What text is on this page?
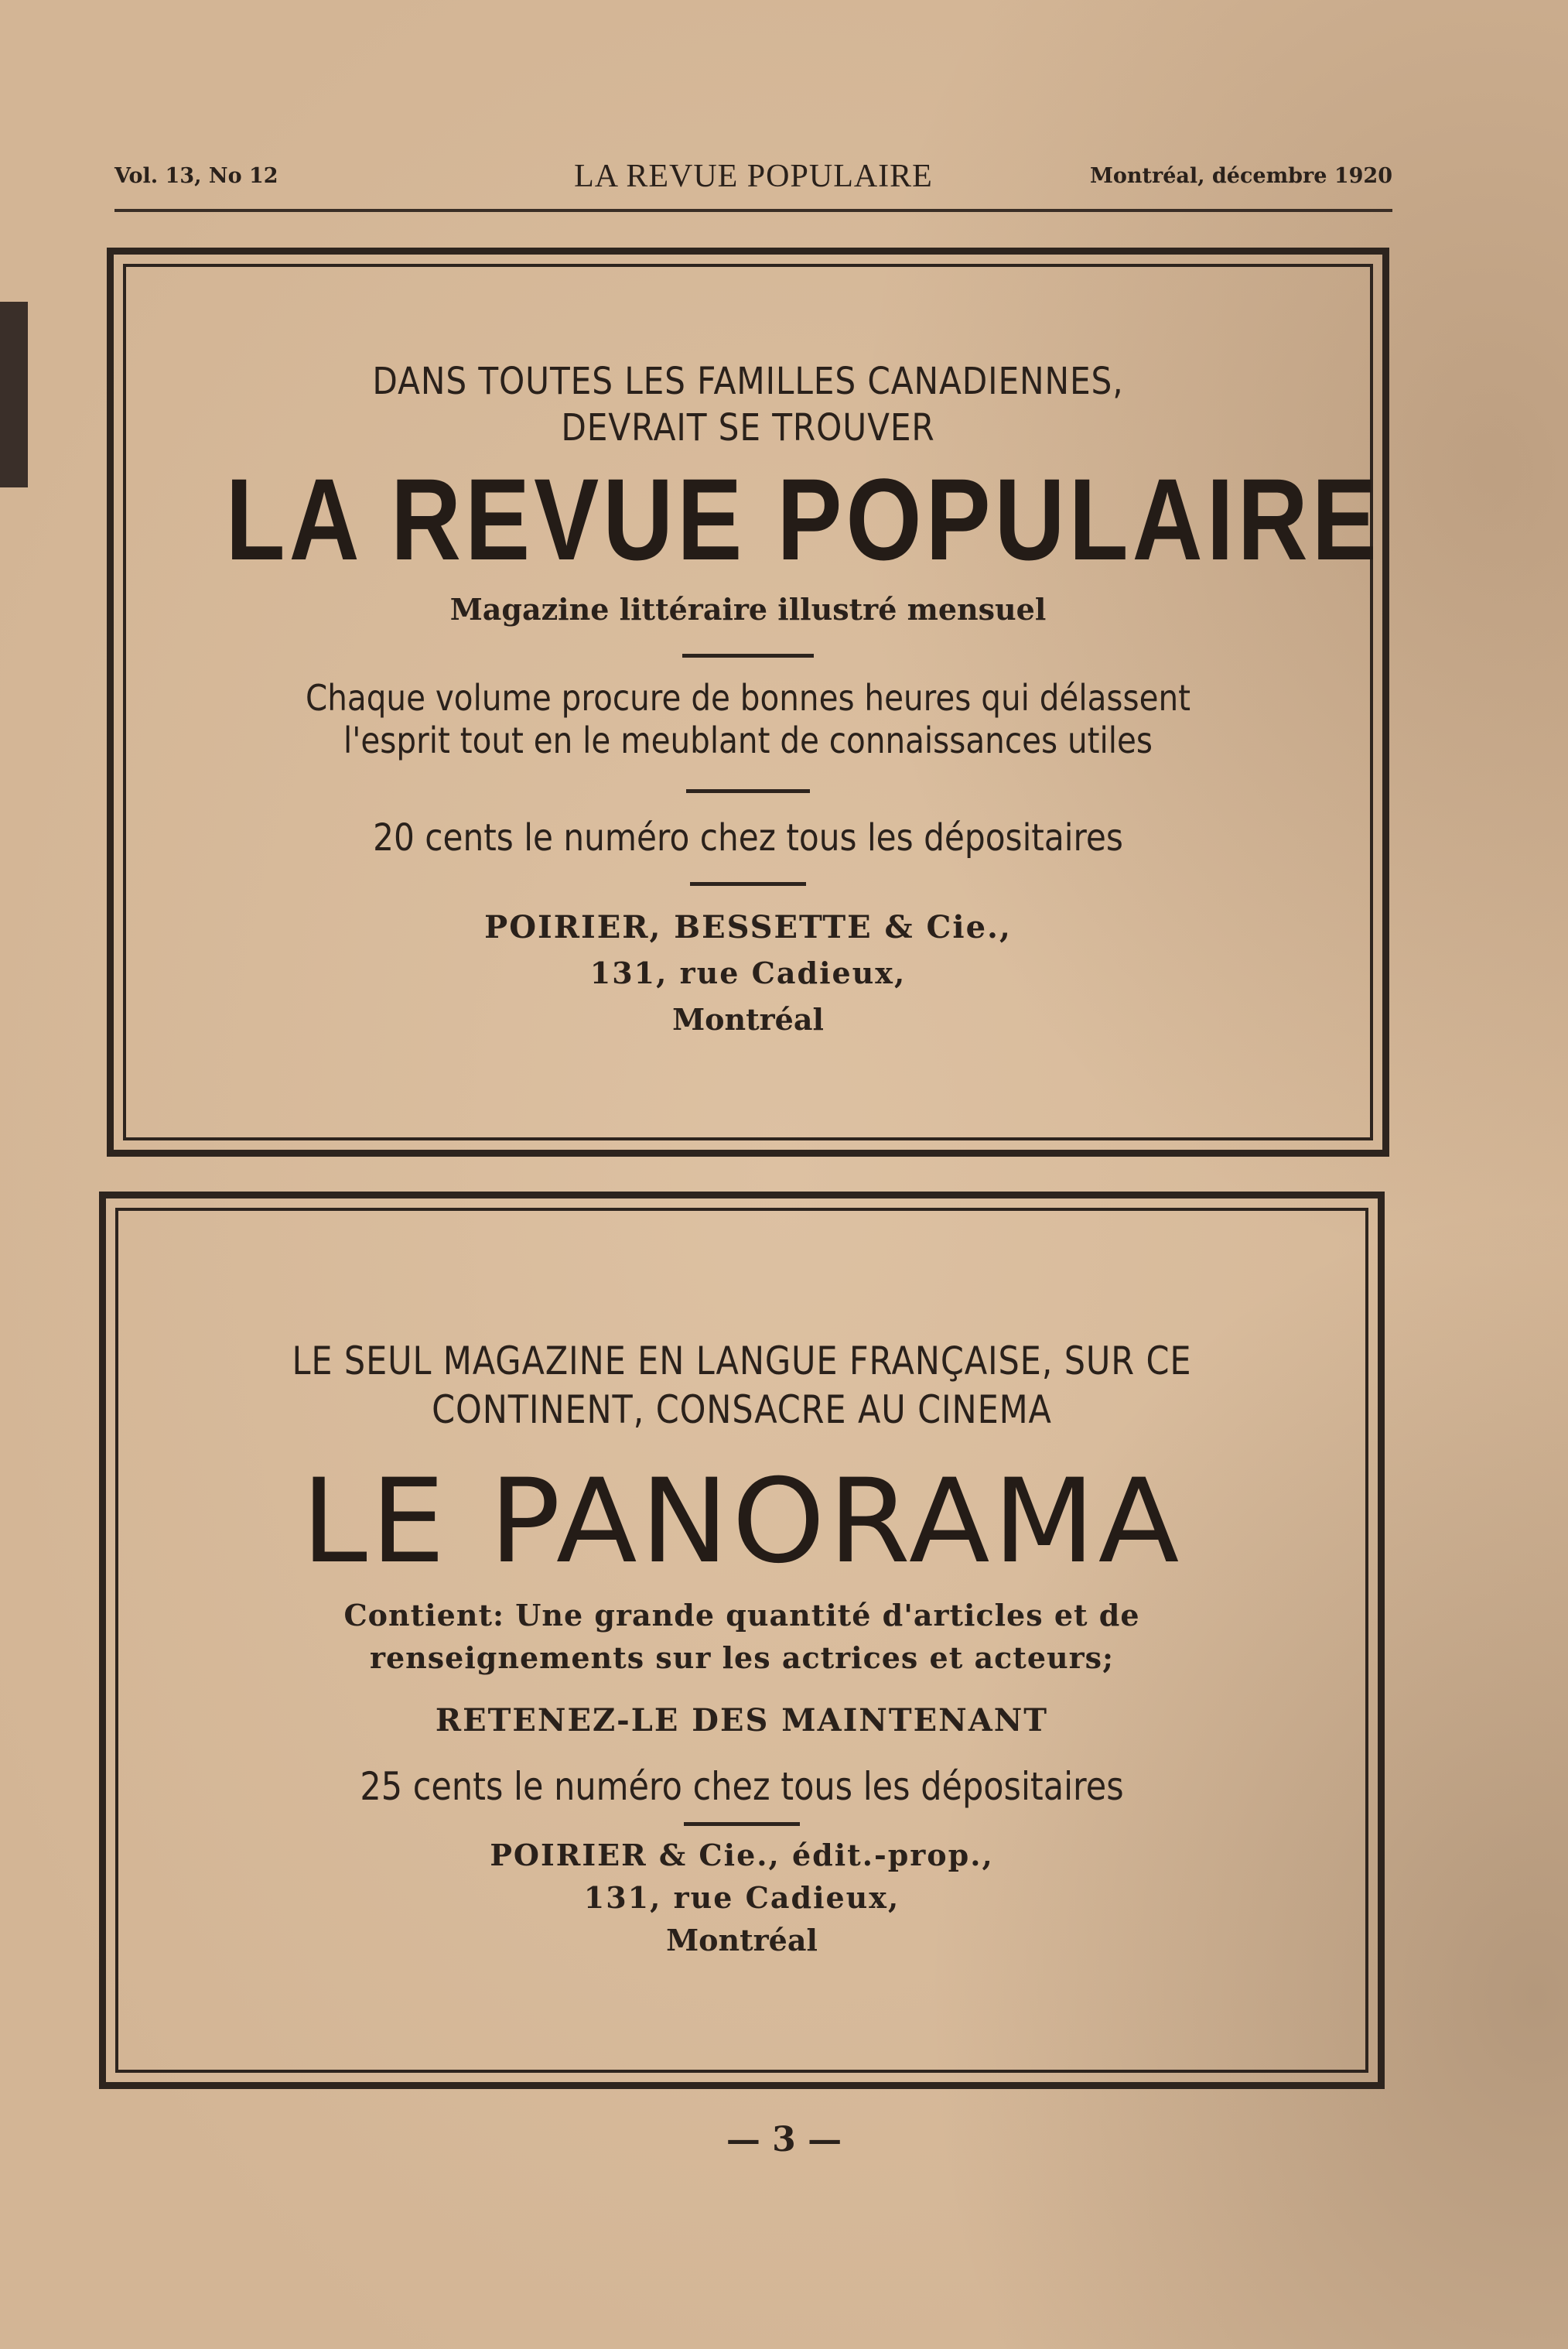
Vol. 13, No 12	LA REVUE POPULAIRE	Montréal, décembre 1920
DANS TOUTES LES FAMILLES CANADIENNES,
DEVRAIT SE TROUVER
LA REVUE POPULAIRE
Magazine littéraire illustré mensuel
Chaque volume procure de bonnes heures qui délassent
l'esprit tout en le meublant de connaissances utiles
20 cents le numéro chez tous les dépositaires
POIRIER, BESSETTE & Cie.,
131, rue Cadieux,
Montréal
LE SEUL MAGAZINE EN LANGUE FRANÇAISE, SUR CE
CONTINENT, CONSACRE AU CINEMA
LE PANORAMA
Contient: Une grande quantité d'articles et de
renseignements sur les actrices et acteurs;
RETENEZ-LE DES MAINTENANT
25 cents le numéro chez tous les dépositaires
POIRIER & Cie., édit.-prop.,
131, rue Cadieux,
Montréal
— 3 —
